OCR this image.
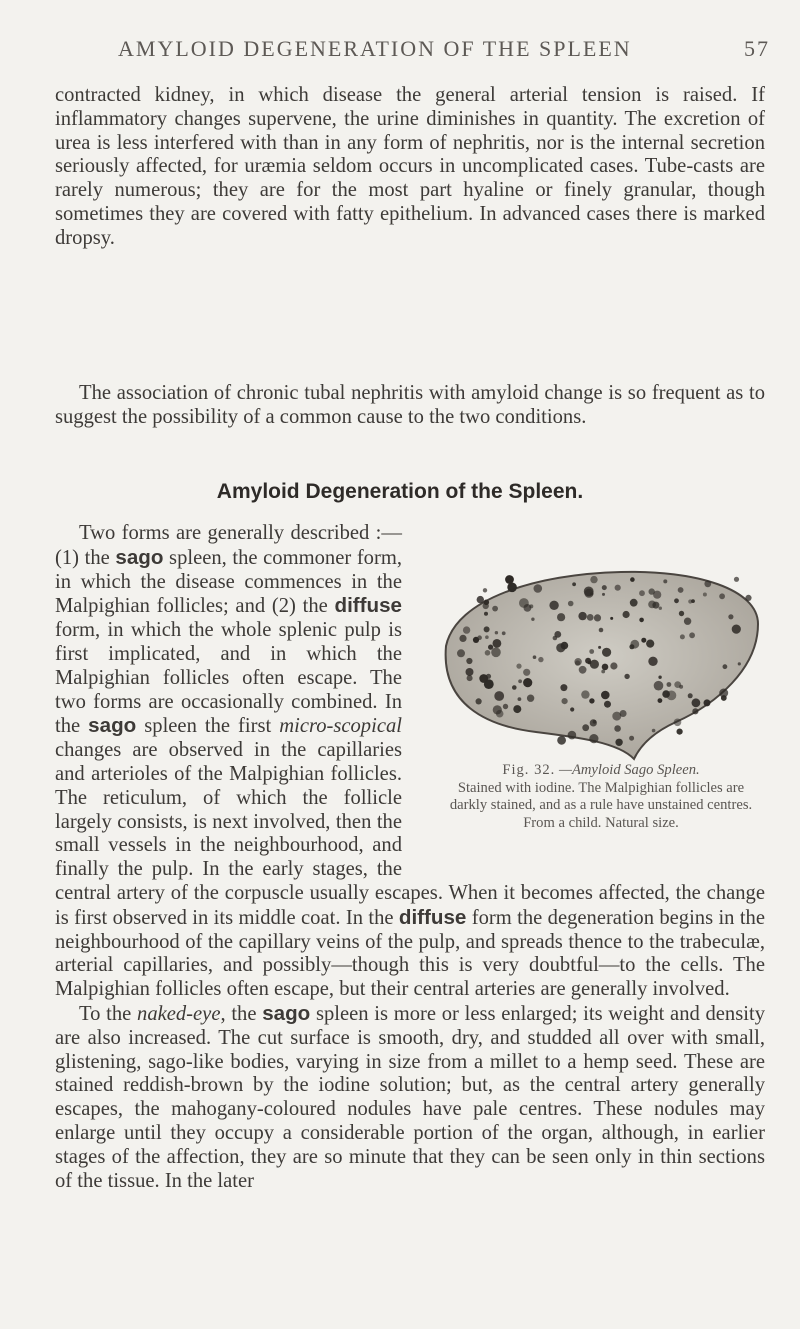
AMYLOID DEGENERATION OF THE SPLEEN	57

contracted kidney, in which disease the general arterial tension is raised. If inflammatory changes supervene, the urine diminishes in quantity. The excretion of urea is less interfered with than in any form of nephritis, nor is the internal secretion seriously affected, for uræmia seldom occurs in uncomplicated cases. Tube-casts are rarely numerous; they are for the most part hyaline or finely granular, though sometimes they are covered with fatty epithelium. In advanced cases there is marked dropsy.

The association of chronic tubal nephritis with amyloid change is so frequent as to suggest the possibility of a common cause to the two conditions.

Amyloid Degeneration of the Spleen.

Two forms are generally described :—(1) the sago spleen, the commoner form, in which the disease commences in the Malpighian follicles; and (2) the diffuse form, in which the whole splenic pulp is first implicated, and in which the Malpighian follicles often escape. The two forms are occasionally combined. In the sago spleen the first micro-scopical changes are observed in the capillaries and arterioles of the Malpighian follicles. The reticulum, of which the follicle largely consists, is next involved, then the small vessels in the neighbourhood, and finally the pulp. In the early stages, the central artery of the corpuscle usually escapes. When it becomes affected, the change is first observed in its middle coat. In the diffuse form the degeneration begins in the neighbourhood of the capillary veins of the pulp, and spreads thence to the trabeculæ, arterial capillaries, and possibly—though this is very doubtful—to the cells. The Malpighian follicles often escape, but their central arteries are generally involved.
To the naked-eye, the sago spleen is more or less enlarged; its weight and density are also increased. The cut surface is smooth, dry, and studded all over with small, glistening, sago-like bodies, varying in size from a millet to a hemp seed. These are stained reddish-brown by the iodine solution; but, as the central artery generally escapes, the mahogany-coloured nodules have pale centres. These nodules may enlarge until they occupy a considerable portion of the organ, although, in earlier stages of the affection, they are so minute that they can be seen only in thin sections of the tissue. In the later

Fig. 32. —Amyloid Sago Spleen.
Stained with iodine. The Malpighian follicles are darkly stained, and as a rule have unstained centres. From a child. Natural size.
